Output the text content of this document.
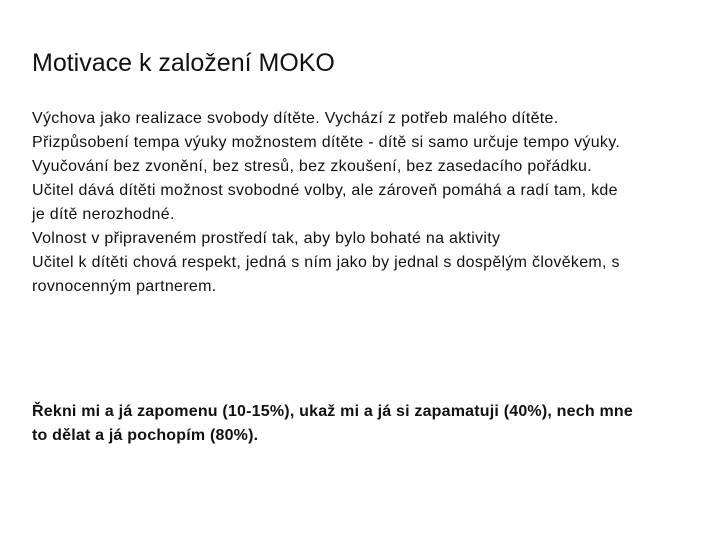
Motivace k založení MOKO
Výchova jako realizace svobody dítěte. Vychází z potřeb malého dítěte.
Přizpůsobení tempa výuky možnostem dítěte - dítě si samo určuje tempo výuky.
Vyučování bez zvonění, bez stresů, bez zkoušení, bez zasedacího pořádku.
Učitel dává dítěti možnost svobodné volby, ale zároveň pomáhá a radí tam, kde je dítě nerozhodné.
Volnost v připraveném prostředí tak, aby bylo bohaté na aktivity
Učitel k dítěti chová respekt, jedná s ním jako by jednal s dospělým člověkem, s rovnocenným partnerem.

Řekni mi a já zapomenu (10-15%), ukaž mi a já si zapamatuji (40%), nech mne to dělat a já pochopím (80%).
